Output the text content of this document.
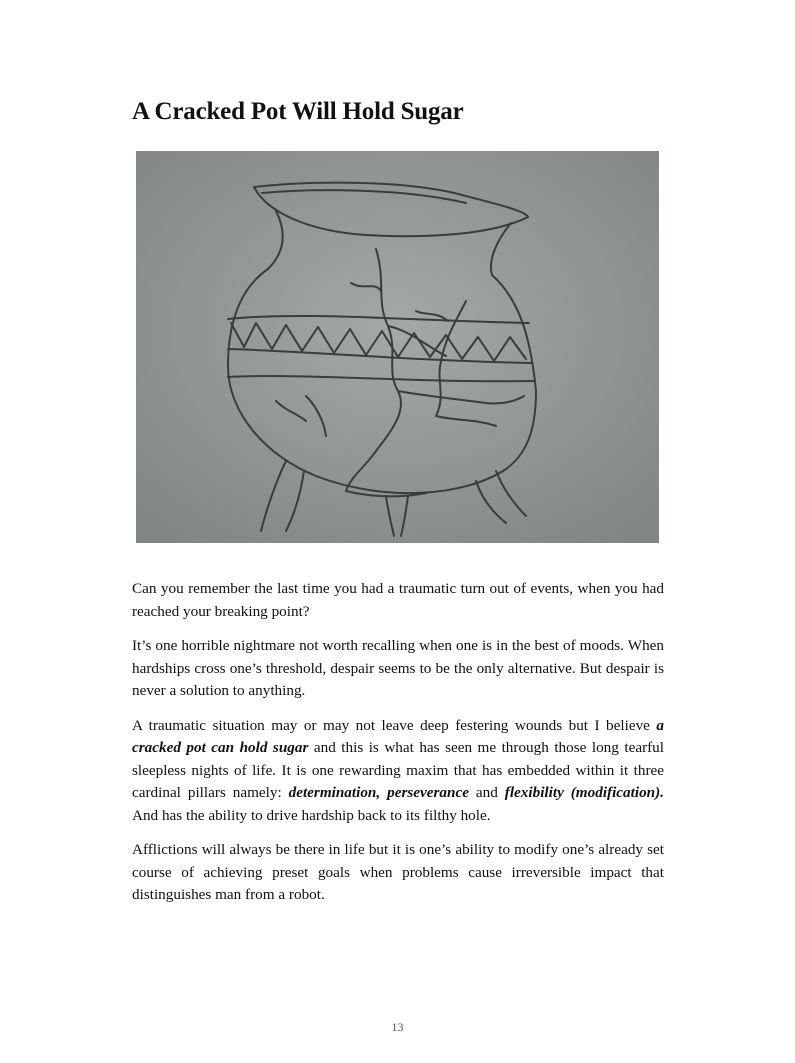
A Cracked Pot Will Hold Sugar

Can you remember the last time you had a traumatic turn out of events, when you had reached your breaking point?

It’s one horrible nightmare not worth recalling when one is in the best of moods. When hardships cross one’s threshold, despair seems to be the only alternative. But despair is never a solution to anything.

A traumatic situation may or may not leave deep festering wounds but I believe a cracked pot can hold sugar and this is what has seen me through those long tearful sleepless nights of life. It is one rewarding maxim that has embedded within it three cardinal pillars namely: determination, perseverance and flexibility (modification). And has the ability to drive hardship back to its filthy hole.

Afflictions will always be there in life but it is one’s ability to modify one’s already set course of achieving preset goals when problems cause irreversible impact that distinguishes man from a robot.

13
